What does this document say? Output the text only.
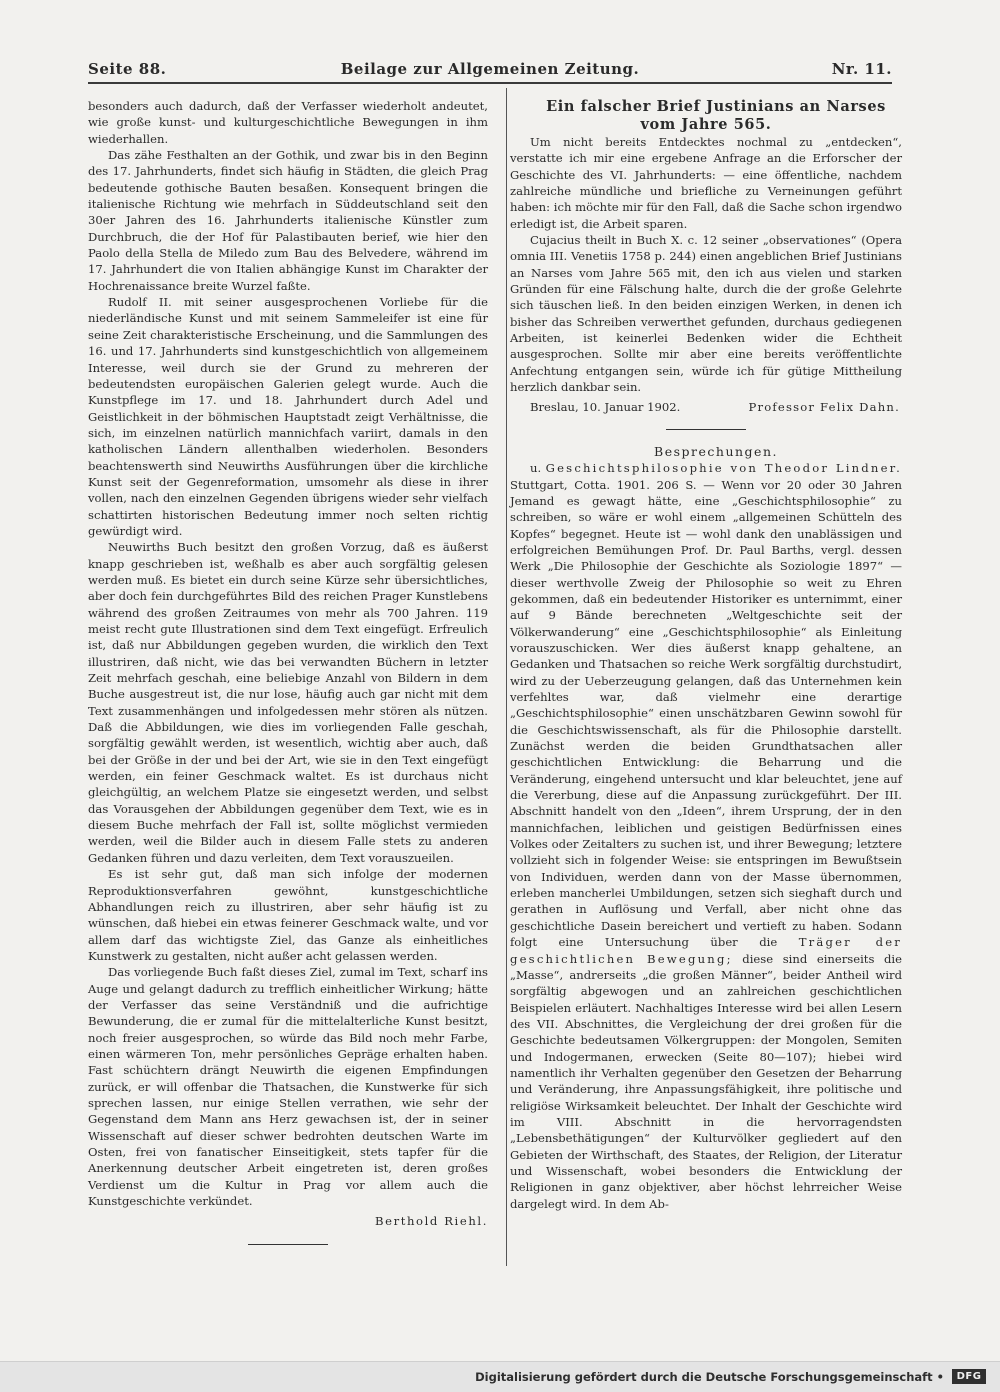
Seite 88.	Beilage zur Allgemeinen Zeitung.	Nr. 11.

besonders auch dadurch, daß der Verfasser wiederholt andeutet, wie große kunst- und kulturgeschichtliche Bewegungen in ihm wiederhallen.

Das zähe Festhalten an der Gothik, und zwar bis in den Beginn des 17. Jahrhunderts, findet sich häufig in Städten, die gleich Prag bedeutende gothische Bauten besaßen. Konsequent bringen die italienische Richtung wie mehrfach in Süddeutschland seit den 30er Jahren des 16. Jahrhunderts italienische Künstler zum Durchbruch, die der Hof für Palastibauten berief, wie hier den Paolo della Stella de Miledo zum Bau des Belvedere, während im 17. Jahrhundert die von Italien abhängige Kunst im Charakter der Hochrenaissance breite Wurzel faßte.

Rudolf II. mit seiner ausgesprochenen Vorliebe für die niederländische Kunst und mit seinem Sammeleifer ist eine für seine Zeit charakteristische Erscheinung, und die Sammlungen des 16. und 17. Jahrhunderts sind kunstgeschichtlich von allgemeinem Interesse, weil durch sie der Grund zu mehreren der bedeutendsten europäischen Galerien gelegt wurde. Auch die Kunstpflege im 17. und 18. Jahrhundert durch Adel und Geistlichkeit in der böhmischen Hauptstadt zeigt Verhältnisse, die sich, im einzelnen natürlich mannichfach variirt, damals in den katholischen Ländern allenthalben wiederholen. Besonders beachtenswerth sind Neuwirths Ausführungen über die kirchliche Kunst seit der Gegenreformation, umsomehr als diese in ihrer vollen, nach den einzelnen Gegenden übrigens wieder sehr vielfach schattirten historischen Bedeutung immer noch selten richtig gewürdigt wird.

Neuwirths Buch besitzt den großen Vorzug, daß es äußerst knapp geschrieben ist, weßhalb es aber auch sorgfältig gelesen werden muß. Es bietet ein durch seine Kürze sehr übersichtliches, aber doch fein durchgeführtes Bild des reichen Prager Kunstlebens während des großen Zeitraumes von mehr als 700 Jahren. 119 meist recht gute Illustrationen sind dem Text eingefügt. Erfreulich ist, daß nur Abbildungen gegeben wurden, die wirklich den Text illustriren, daß nicht, wie das bei verwandten Büchern in letzter Zeit mehrfach geschah, eine beliebige Anzahl von Bildern in dem Buche ausgestreut ist, die nur lose, häufig auch gar nicht mit dem Text zusammenhängen und infolgedessen mehr stören als nützen. Daß die Abbildungen, wie dies im vorliegenden Falle geschah, sorgfältig gewählt werden, ist wesentlich, wichtig aber auch, daß bei der Größe in der und bei der Art, wie sie in den Text eingefügt werden, ein feiner Geschmack waltet. Es ist durchaus nicht gleichgültig, an welchem Platze sie eingesetzt werden, und selbst das Vorausgehen der Abbildungen gegenüber dem Text, wie es in diesem Buche mehrfach der Fall ist, sollte möglichst vermieden werden, weil die Bilder auch in diesem Falle stets zu anderen Gedanken führen und dazu verleiten, dem Text vorauszueilen.

Es ist sehr gut, daß man sich infolge der modernen Reproduktionsverfahren gewöhnt, kunstgeschichtliche Abhandlungen reich zu illustriren, aber sehr häufig ist zu wünschen, daß hiebei ein etwas feinerer Geschmack walte, und vor allem darf das wichtigste Ziel, das Ganze als einheitliches Kunstwerk zu gestalten, nicht außer acht gelassen werden.

Das vorliegende Buch faßt dieses Ziel, zumal im Text, scharf ins Auge und gelangt dadurch zu trefflich einheitlicher Wirkung; hätte der Verfasser das seine Verständniß und die aufrichtige Bewunderung, die er zumal für die mittelalterliche Kunst besitzt, noch freier ausgesprochen, so würde das Bild noch mehr Farbe, einen wärmeren Ton, mehr persönliches Gepräge erhalten haben. Fast schüchtern drängt Neuwirth die eigenen Empfindungen zurück, er will offenbar die Thatsachen, die Kunstwerke für sich sprechen lassen, nur einige Stellen verrathen, wie sehr der Gegenstand dem Mann ans Herz gewachsen ist, der in seiner Wissenschaft auf dieser schwer bedrohten deutschen Warte im Osten, frei von fanatischer Einseitigkeit, stets tapfer für die Anerkennung deutscher Arbeit eingetreten ist, deren großes Verdienst um die Kultur in Prag vor allem auch die Kunstgeschichte verkündet.

Berthold Riehl.

Ein falscher Brief Justinians an Narses vom Jahre 565.

Um nicht bereits Entdecktes nochmal zu „entdecken“, verstatte ich mir eine ergebene Anfrage an die Erforscher der Geschichte des VI. Jahrhunderts: — eine öffentliche, nachdem zahlreiche mündliche und briefliche zu Verneinungen geführt haben: ich möchte mir für den Fall, daß die Sache schon irgendwo erledigt ist, die Arbeit sparen.

Cujacius theilt in Buch X. c. 12 seiner „observationes“ (Opera omnia III. Venetiis 1758 p. 244) einen angeblichen Brief Justinians an Narses vom Jahre 565 mit, den ich aus vielen und starken Gründen für eine Fälschung halte, durch die der große Gelehrte sich täuschen ließ. In den beiden einzigen Werken, in denen ich bisher das Schreiben verwerthet gefunden, durchaus gediegenen Arbeiten, ist keinerlei Bedenken wider die Echtheit ausgesprochen. Sollte mir aber eine bereits veröffentlichte Anfechtung entgangen sein, würde ich für gütige Mittheilung herzlich dankbar sein.

Breslau, 10. Januar 1902.	Professor Felix Dahn.

Besprechungen.

u. Geschichtsphilosophie von Theodor Lindner. Stuttgart, Cotta. 1901. 206 S. — Wenn vor 20 oder 30 Jahren Jemand es gewagt hätte, eine „Geschichtsphilosophie“ zu schreiben, so wäre er wohl einem „allgemeinen Schütteln des Kopfes“ begegnet. Heute ist — wohl dank den unablässigen und erfolgreichen Bemühungen Prof. Dr. Paul Barths, vergl. dessen Werk „Die Philosophie der Geschichte als Soziologie 1897“ — dieser werthvolle Zweig der Philosophie so weit zu Ehren gekommen, daß ein bedeutender Historiker es unternimmt, einer auf 9 Bände berechneten „Weltgeschichte seit der Völkerwanderung“ eine „Geschichtsphilosophie“ als Einleitung vorauszuschicken. Wer dies äußerst knapp gehaltene, an Gedanken und Thatsachen so reiche Werk sorgfältig durchstudirt, wird zu der Ueberzeugung gelangen, daß das Unternehmen kein verfehltes war, daß vielmehr eine derartige „Geschichtsphilosophie“ einen unschätzbaren Gewinn sowohl für die Geschichtswissenschaft, als für die Philosophie darstellt. Zunächst werden die beiden Grundthatsachen aller geschichtlichen Entwicklung: die Beharrung und die Veränderung, eingehend untersucht und klar beleuchtet, jene auf die Vererbung, diese auf die Anpassung zurückgeführt. Der III. Abschnitt handelt von den „Ideen“, ihrem Ursprung, der in den mannichfachen, leiblichen und geistigen Bedürfnissen eines Volkes oder Zeitalters zu suchen ist, und ihrer Bewegung; letztere vollzieht sich in folgender Weise: sie entspringen im Bewußtsein von Individuen, werden dann von der Masse übernommen, erleben mancherlei Umbildungen, setzen sich sieghaft durch und gerathen in Auflösung und Verfall, aber nicht ohne das geschichtliche Dasein bereichert und vertieft zu haben. Sodann folgt eine Untersuchung über die Träger der geschichtlichen Bewegung; diese sind einerseits die „Masse“, andrerseits „die großen Männer“, beider Antheil wird sorgfältig abgewogen und an zahlreichen geschichtlichen Beispielen erläutert. Nachhaltiges Interesse wird bei allen Lesern des VII. Abschnittes, die Vergleichung der drei großen für die Geschichte bedeutsamen Völkergruppen: der Mongolen, Semiten und Indogermanen, erwecken (Seite 80—107); hiebei wird namentlich ihr Verhalten gegenüber den Gesetzen der Beharrung und Veränderung, ihre Anpassungsfähigkeit, ihre politische und religiöse Wirksamkeit beleuchtet. Der Inhalt der Geschichte wird im VIII. Abschnitt in die hervorragendsten „Lebensbethätigungen“ der Kulturvölker gegliedert auf den Gebieten der Wirthschaft, des Staates, der Religion, der Literatur und Wissenschaft, wobei besonders die Entwicklung der Religionen in ganz objektiver, aber höchst lehrreicher Weise dargelegt wird. In dem Ab-

Digitalisierung gefördert durch die Deutsche Forschungsgemeinschaft •	DFG
